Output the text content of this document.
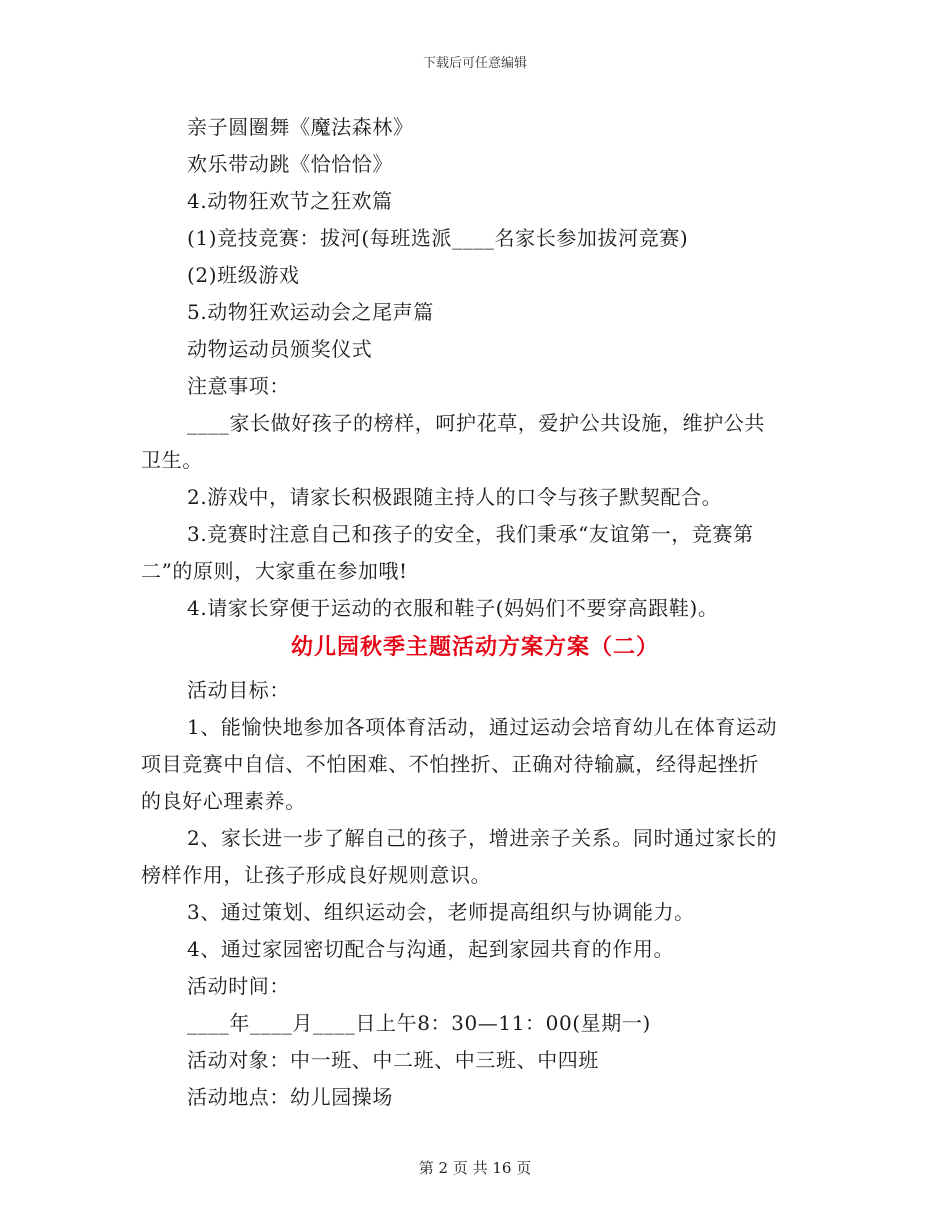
下载后可任意编辑
亲子圆圈舞《魔法森林》
欢乐带动跳《恰恰恰》
4.动物狂欢节之狂欢篇
(1)竞技竞赛：拔河(每班选派____名家长参加拔河竞赛)
(2)班级游戏
5.动物狂欢运动会之尾声篇
动物运动员颁奖仪式
注意事项：
____家长做好孩子的榜样，呵护花草，爱护公共设施，维护公共
卫生。
2.游戏中，请家长积极跟随主持人的口令与孩子默契配合。
3.竞赛时注意自己和孩子的安全，我们秉承“友谊第一，竞赛第
二”的原则，大家重在参加哦!
4.请家长穿便于运动的衣服和鞋子(妈妈们不要穿高跟鞋)。
幼儿园秋季主题活动方案方案（二）
活动目标：
1、能愉快地参加各项体育活动，通过运动会培育幼儿在体育运动
项目竞赛中自信、不怕困难、不怕挫折、正确对待输赢，经得起挫折
的良好心理素养。
2、家长进一步了解自己的孩子，增进亲子关系。同时通过家长的
榜样作用，让孩子形成良好规则意识。
3、通过策划、组织运动会，老师提高组织与协调能力。
4、通过家园密切配合与沟通，起到家园共育的作用。
活动时间：
____年____月____日上午8：30—11：00(星期一)
活动对象：中一班、中二班、中三班、中四班
活动地点：幼儿园操场
第 2 页 共 16 页
